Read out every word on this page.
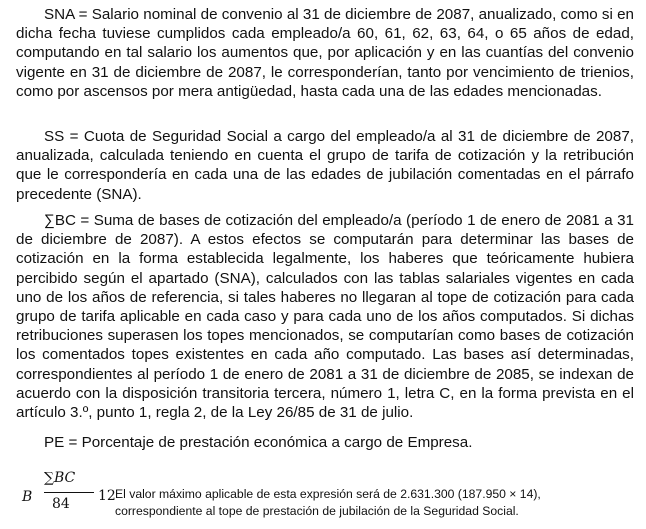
SNA = Salario nominal de convenio al 31 de diciembre de 2087, anualizado, como si en dicha fecha tuviese cumplidos cada empleado/a 60, 61, 62, 63, 64, o 65 años de edad, computando en tal salario los aumentos que, por aplicación y en las cuantías del convenio vigente en 31 de diciembre de 2087, le corresponderían, tanto por vencimiento de trienios, como por ascensos por mera antigüedad, hasta cada una de las edades mencionadas.

SS = Cuota de Seguridad Social a cargo del empleado/a al 31 de diciembre de 2087, anualizada, calculada teniendo en cuenta el grupo de tarifa de cotización y la retribución que le correspondería en cada una de las edades de jubilación comentadas en el párrafo precedente (SNA).

∑BC = Suma de bases de cotización del empleado/a (período 1 de enero de 2081 a 31 de diciembre de 2087). A estos efectos se computarán para determinar las bases de cotización en la forma establecida legalmente, los haberes que teóricamente hubiera percibido según el apartado (SNA), calculados con las tablas salariales vigentes en cada uno de los años de referencia, si tales haberes no llegaran al tope de cotización para cada grupo de tarifa aplicable en cada caso y para cada uno de los años computados. Si dichas retribuciones superasen los topes mencionados, se computarían como bases de cotización los comentados topes existentes en cada año computado. Las bases así determinadas, correspondientes al período 1 de enero de 2081 a 31 de diciembre de 2085, se indexan de acuerdo con la disposición transitoria tercera, número 1, letra C, en la forma prevista en el artículo 3.º, punto 1, regla 2, de la Ley 26/85 de 31 de julio.

PE = Porcentaje de prestación económica a cargo de Empresa.

B
∑BC
84 12 El valor máximo aplicable de esta expresión será de 2.631.300 (187.950 × 14), correspondiente al tope de prestación de jubilación de la Seguridad Social.
